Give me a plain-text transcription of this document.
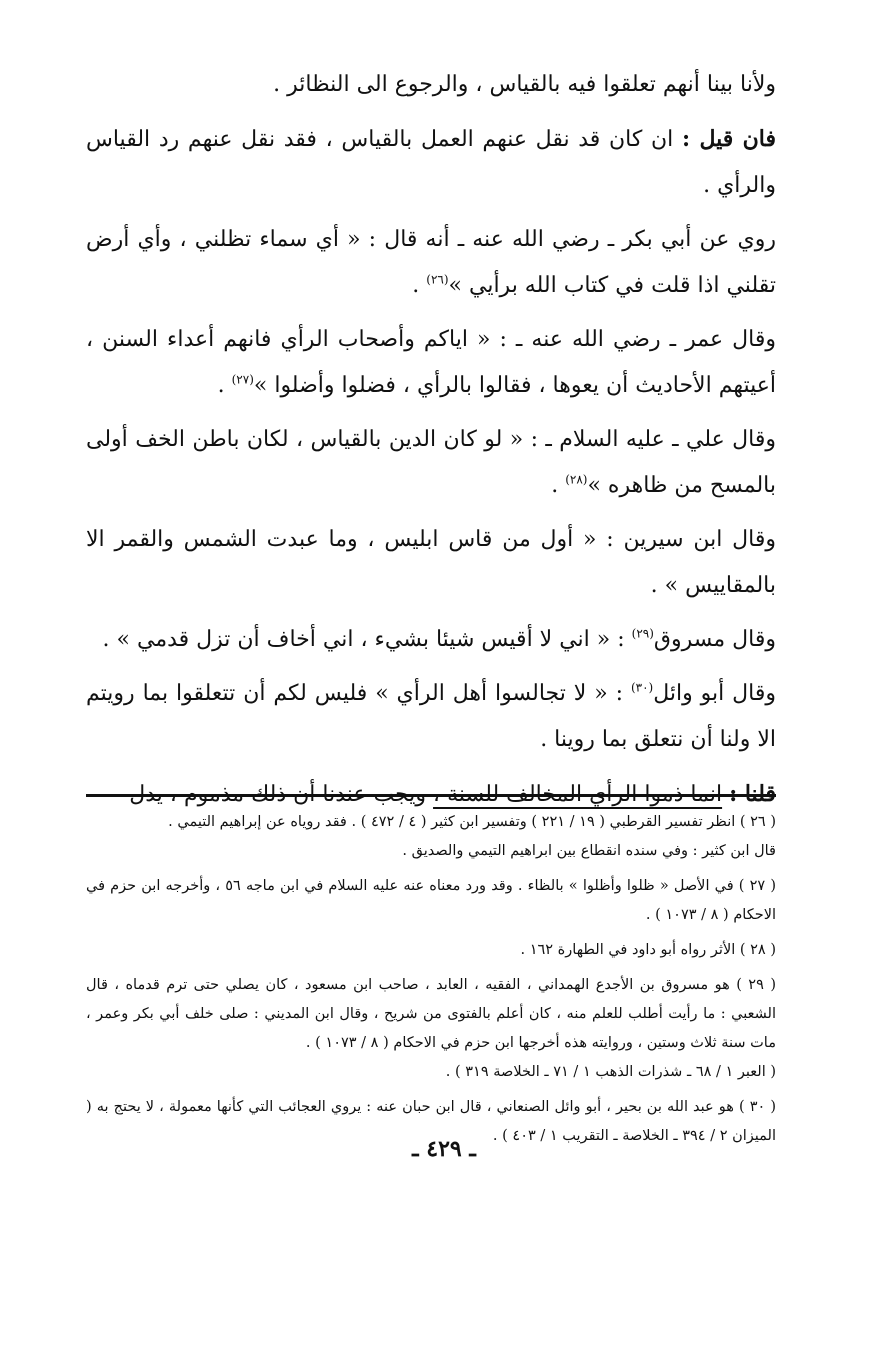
ولأنا بينا أنهم تعلقوا فيه بالقياس ، والرجوع الى النظائر .

فان قيل : ان كان قد نقل عنهم العمل بالقياس ، فقد نقل عنهم رد القياس والرأي .

روي عن أبي بكر ـ رضي الله عنه ـ أنه قال : « أي سماء تظلني ، وأي أرض تقلني اذا قلت في كتاب الله برأيي »$^{(٢٦)}$ .

وقال عمر ـ رضي الله عنه ـ : « اياكم وأصحاب الرأي فانهم أعداء السنن ، أعيتهم الأحاديث أن يعوها ، فقالوا بالرأي ، فضلوا وأضلوا »$^{(٢٧)}$ .

وقال علي ـ عليه السلام ـ : « لو كان الدين بالقياس ، لكان باطن الخف أولى بالمسح من ظاهره »$^{(٢٨)}$ .

وقال ابن سيرين : « أول من قاس ابليس ، وما عبدت الشمس والقمر الا بالمقاييس » .

وقال مسروق$^{(٢٩)}$ : « اني لا أقيس شيئا بشيء ، اني أخاف أن تزل قدمي » .

وقال أبو وائل$^{(٣٠)}$ : « لا تجالسوا أهل الرأي » فليس لكم أن تتعلقوا بما رويتم الا ولنا أن نتعلق بما روينا .

قلنا : انما ذموا الرأي المخالف للسنة ، ويجب عندنا أن ذلك مذموم ، يدل

( ٢٦ ) انظر تفسير القرطبي ( ١٩ / ٢٢١ ) وتفسير ابن كثير ( ٤ / ٤٧٢ ) . فقد روياه عن إبراهيم التيمي .
قال ابن كثير : وفي سنده انقطاع بين ابراهيم التيمي والصديق .
( ٢٧ ) في الأصل « ظلوا وأظلوا » بالظاء . وقد ورد معناه عنه عليه السلام في ابن ماجه ٥٦ ، وأخرجه ابن حزم في الاحكام ( ٨ / ١٠٧٣ ) .
( ٢٨ ) الأثر رواه أبو داود في الطهارة ١٦٢ .
( ٢٩ ) هو مسروق بن الأجدع الهمداني ، الفقيه ، العابد ، صاحب ابن مسعود ، كان يصلي حتى ترم قدماه ، قال الشعبي : ما رأيت أطلب للعلم منه ، كان أعلم بالفتوى من شريح ، وقال ابن المديني : صلى خلف أبي بكر وعمر ، مات سنة ثلاث وستين ، وروايته هذه أخرجها ابن حزم في الاحكام ( ٨ / ١٠٧٣ ) .
( العبر ١ / ٦٨ ـ شذرات الذهب ١ / ٧١ ـ الخلاصة ٣١٩ ) .
( ٣٠ ) هو عبد الله بن بحير ، أبو وائل الصنعاني ، قال ابن حبان عنه : يروي العجائب التي كأنها معمولة ، لا يحتج به ( الميزان ٢ / ٣٩٤ ـ الخلاصة ـ التقريب ١ / ٤٠٣ ) .
ـ ٤٢٩ ـ
